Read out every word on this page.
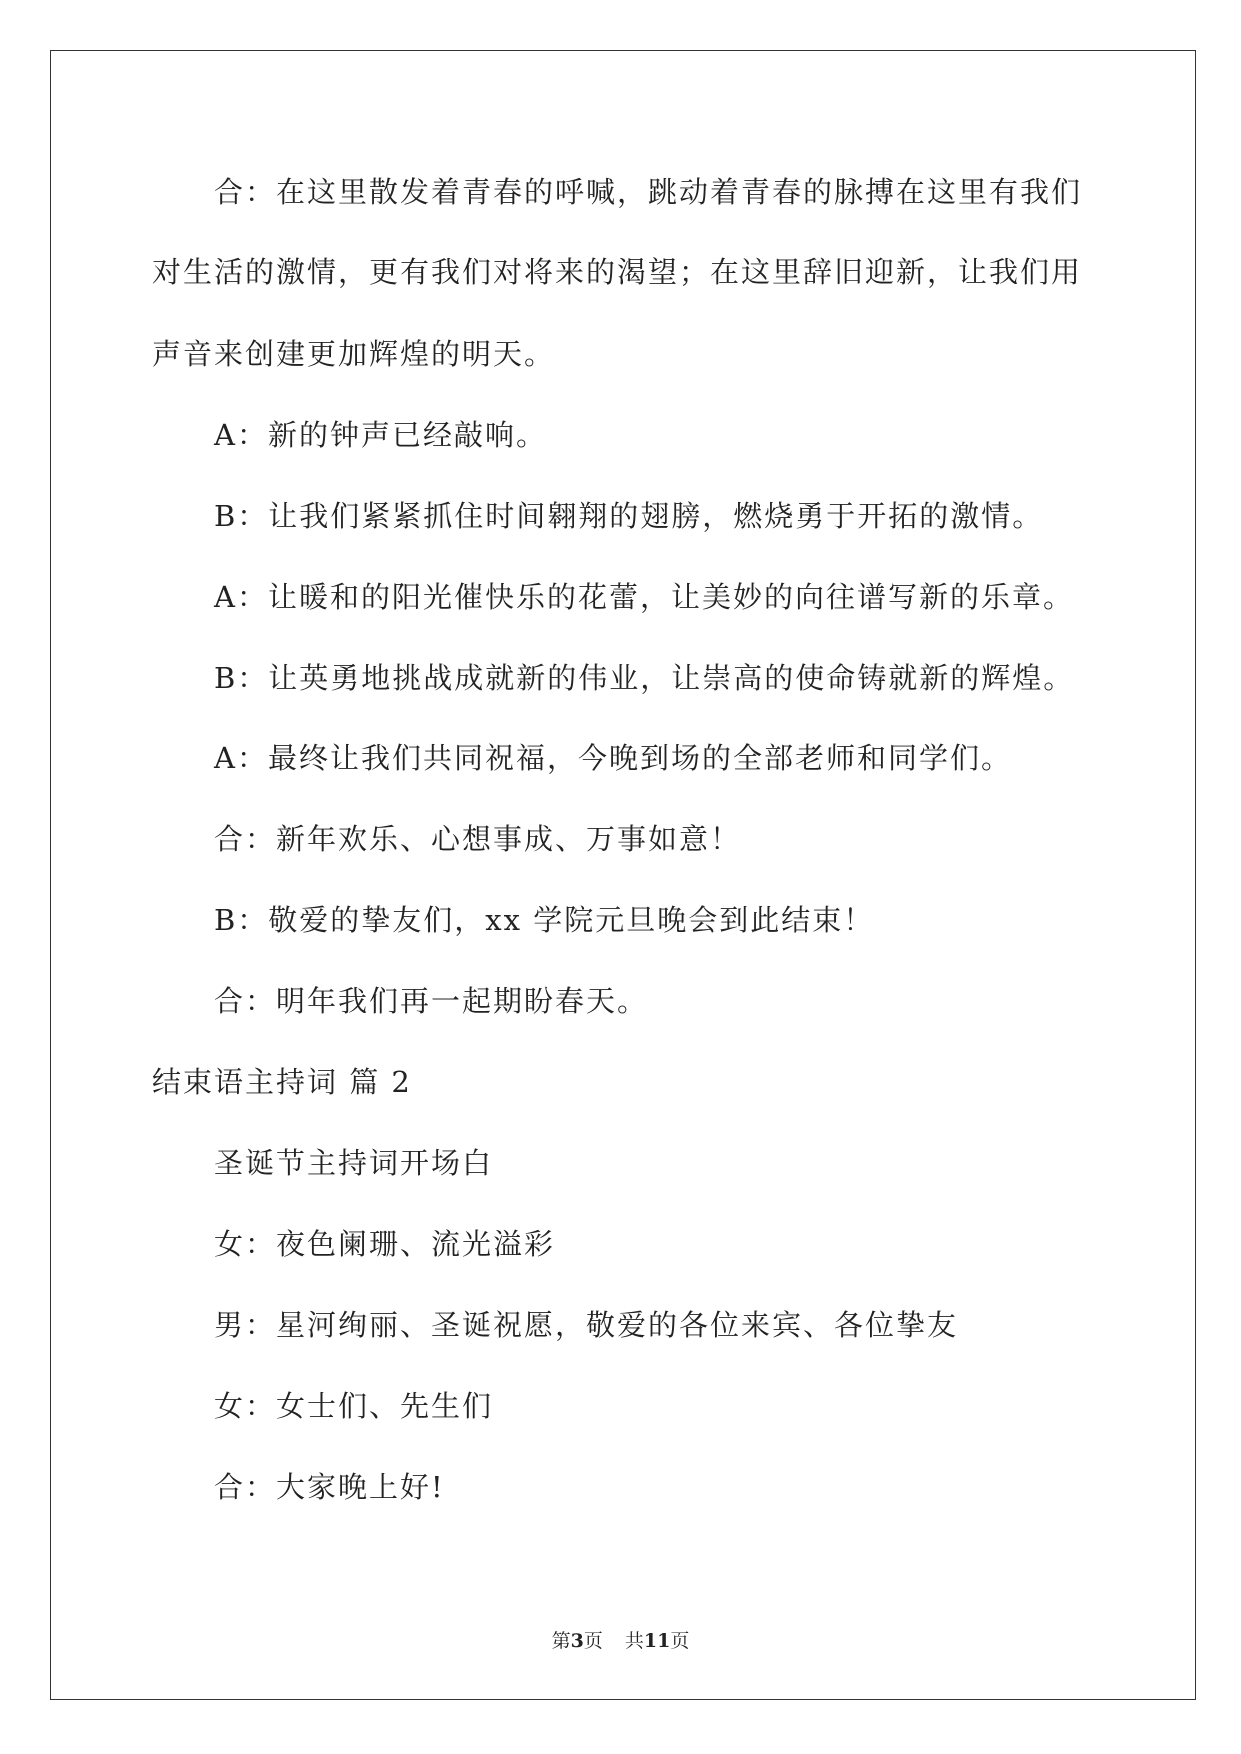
合：在这里散发着青春的呼喊，跳动着青春的脉搏在这里有我们
对生活的激情，更有我们对将来的渴望；在这里辞旧迎新，让我们用
声音来创建更加辉煌的明天。
A：新的钟声已经敲响。
B：让我们紧紧抓住时间翱翔的翅膀，燃烧勇于开拓的激情。
A：让暖和的阳光催快乐的花蕾，让美妙的向往谱写新的乐章。
B：让英勇地挑战成就新的伟业，让崇高的使命铸就新的辉煌。
A：最终让我们共同祝福，今晚到场的全部老师和同学们。
合：新年欢乐、心想事成、万事如意！
B：敬爱的挚友们，xx 学院元旦晚会到此结束！
合：明年我们再一起期盼春天。
结束语主持词 篇 2
圣诞节主持词开场白
女：夜色阑珊、流光溢彩
男：星河绚丽、圣诞祝愿，敬爱的各位来宾、各位挚友
女：女士们、先生们
合：大家晚上好!
第3页 共11页
